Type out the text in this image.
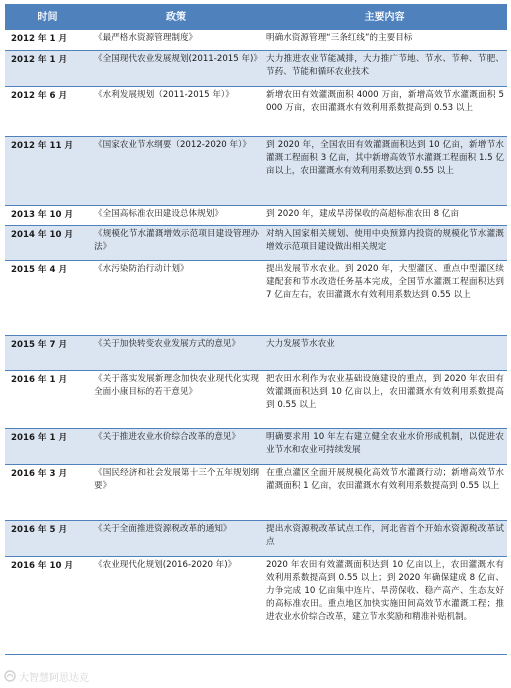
时间	政策	主要内容
2012 年 1 月	《最严格水资源管理制度》	明确水资源管理“三条红线”的主要目标
2012 年 1 月	《全国现代农业发展规划(2011-2015 年)》	大力推进农业节能减排，大力推广节地、节水、节种、节肥、节药、节能和循环农业技术
2012 年 6 月	《水利发展规划（2011-2015 年）》	新增农田有效灌溉面积 4000 万亩，新增高效节水灌溉面积 5000 万亩，农田灌溉水有效利用系数提高到 0.53 以上
2012 年 11 月	《国家农业节水纲要（2012-2020 年）》	到 2020 年，全国农田有效灌溉面积达到 10 亿亩，新增节水灌溉工程面积 3 亿亩，其中新增高效节水灌溉工程面积 1.5 亿亩以上，农田灌溉水有效利用系数达到 0.55 以上
2013 年 10 月	《全国高标准农田建设总体规划》	到 2020 年，建成旱涝保收的高超标准农田 8 亿亩
2014 年 10 月	《规模化节水灌溉增效示范项目建设管理办法》	对纳入国家相关规划、使用中央预算内投资的规模化节水灌溉增效示范项目建设做出相关规定
2015 年 4 月	《水污染防治行动计划》	提出发展节水农业。到 2020 年，大型灌区、重点中型灌区续建配套和节水改造任务基本完成，全国节水灌溉工程面积达到 7 亿亩左右，农田灌溉水有效利用系数达到 0.55 以上
2015 年 7 月	《关于加快转变农业发展方式的意见》	大力发展节水农业
2016 年 1 月	《关于落实发展新理念加快农业现代化实现全面小康目标的若干意见》	把农田水利作为农业基础设施建设的重点，到 2020 年农田有效灌溉面积达到 10 亿亩以上，农田灌溉水有效利用系数提高到 0.55 以上
2016 年 1 月	《关于推进农业水价综合改革的意见》	明确要求用 10 年左右建立健全农业水价形成机制，以促进农业节水和农业可持续发展
2016 年 3 月	《国民经济和社会发展第十三个五年规划纲要》	在重点灌区全面开展规模化高效节水灌溉行动；新增高效节水灌溉面积 1 亿亩，农田灌溉水有效利用系数提高到 0.55 以上
2016 年 5 月	《关于全面推进资源税改革的通知》	提出水资源税改革试点工作，河北省首个开始水资源税改革试点
2016 年 10 月	《农业现代化规划(2016-2020 年)》	2020 年农田有效灌溉面积达到 10 亿亩以上，农田灌溉水有效利用系数提高到 0.55 以上；到 2020 年确保建成 8 亿亩、力争完成 10 亿亩集中连片、旱涝保收、稳产高产、生态友好的高标准农田。重点地区加快实施田间高效节水灌溉工程；推进农业水价综合改革，建立节水奖励和精准补贴机制。
大智慧阿思达克
